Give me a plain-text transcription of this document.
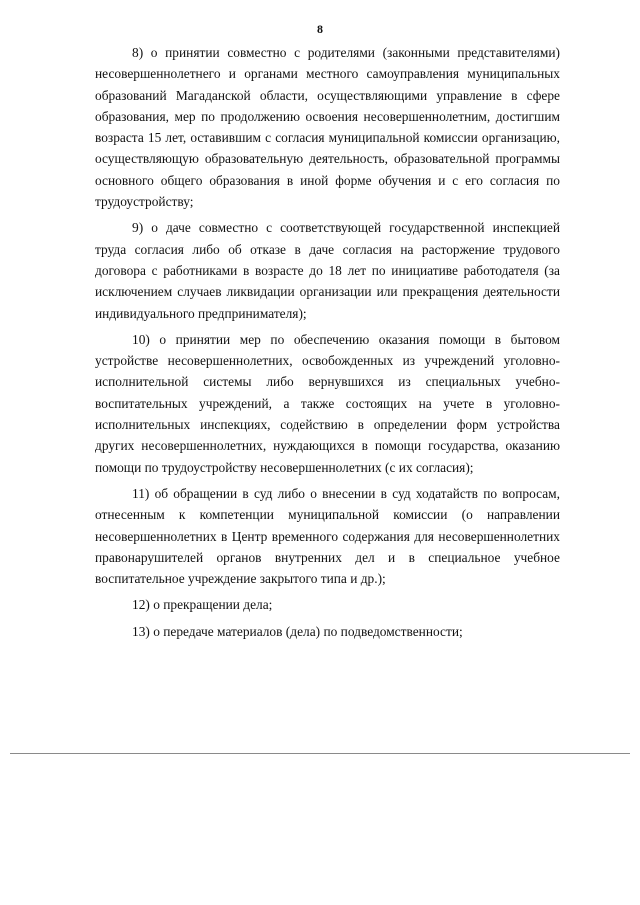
8

8) о принятии совместно с родителями (законными представителями) несовершеннолетнего и органами местного самоуправления муниципальных образований Магаданской области, осуществляющими управление в сфере образования, мер по продолжению освоения несовершеннолетним, достигшим возраста 15 лет, оставившим с согласия муниципальной комиссии организацию, осуществляющую образовательную деятельность, образовательной программы основного общего образования в иной форме обучения и с его согласия по трудоустройству;

9) о даче совместно с соответствующей государственной инспекцией труда согласия либо об отказе в даче согласия на расторжение трудового договора с работниками в возрасте до 18 лет по инициативе работодателя (за исключением случаев ликвидации организации или прекращения деятельности индивидуального предпринимателя);

10) о принятии мер по обеспечению оказания помощи в бытовом устройстве несовершеннолетних, освобожденных из учреждений уголовно-исполнительной системы либо вернувшихся из специальных учебно-воспитательных учреждений, а также состоящих на учете в уголовно-исполнительных инспекциях, содействию в определении форм устройства других несовершеннолетних, нуждающихся в помощи государства, оказанию помощи по трудоустройству несовершеннолетних (с их согласия);

11) об обращении в суд либо о внесении в суд ходатайств по вопросам, отнесенным к компетенции муниципальной комиссии (о направлении несовершеннолетних в Центр временного содержания для несовершеннолетних правонарушителей органов внутренних дел и в специальное учебное воспитательное учреждение закрытого типа и др.);

12) о прекращении дела;

13) о передаче материалов (дела) по подведомственности;
